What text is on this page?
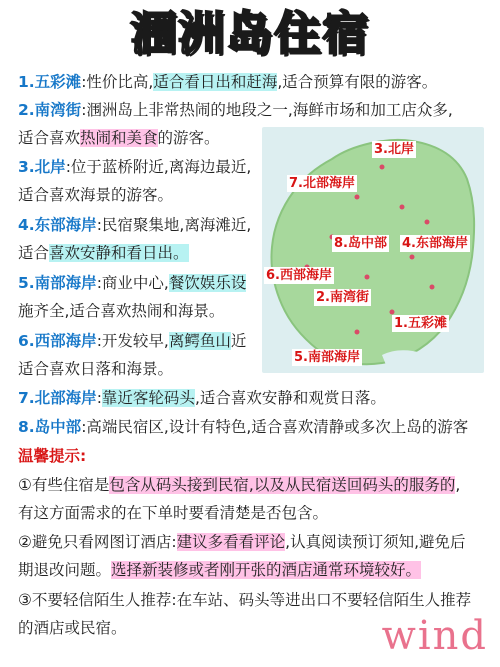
涠洲岛住宿
1.五彩滩:性价比高,适合看日出和赶海,适合预算有限的游客。
2.南湾街:涠洲岛上非常热闹的地段之一,海鲜市场和加工店众多,
适合喜欢热闹和美食的游客。
3.北岸:位于蓝桥附近,离海边最近,
适合喜欢海景的游客。
4.东部海岸:民宿聚集地,离海滩近,
适合喜欢安静和看日出。
5.南部海岸:商业中心,餐饮娱乐设
施齐全,适合喜欢热闹和海景。
6.西部海岸:开发较早,离鳄鱼山近
适合喜欢日落和海景。
7.北部海岸:靠近客轮码头,适合喜欢安静和观赏日落。
8.岛中部:高端民宿区,设计有特色,适合喜欢清静或多次上岛的游客
温馨提示:
①有些住宿是包含从码头接到民宿,以及从民宿送回码头的服务的,
有这方面需求的在下单时要看清楚是否包含。
②避免只看网图订酒店:建议多看看评论,认真阅读预订须知,避免后
期退改问题。选择新装修或者刚开张的酒店通常环境较好。
③不要轻信陌生人推荐:在车站、码头等进出口不要轻信陌生人推荐
的酒店或民宿。
3.北岸
7.北部海岸
8.岛中部 4.东部海岸
6.西部海岸
2.南湾街
1.五彩滩
5.南部海岸
wind
